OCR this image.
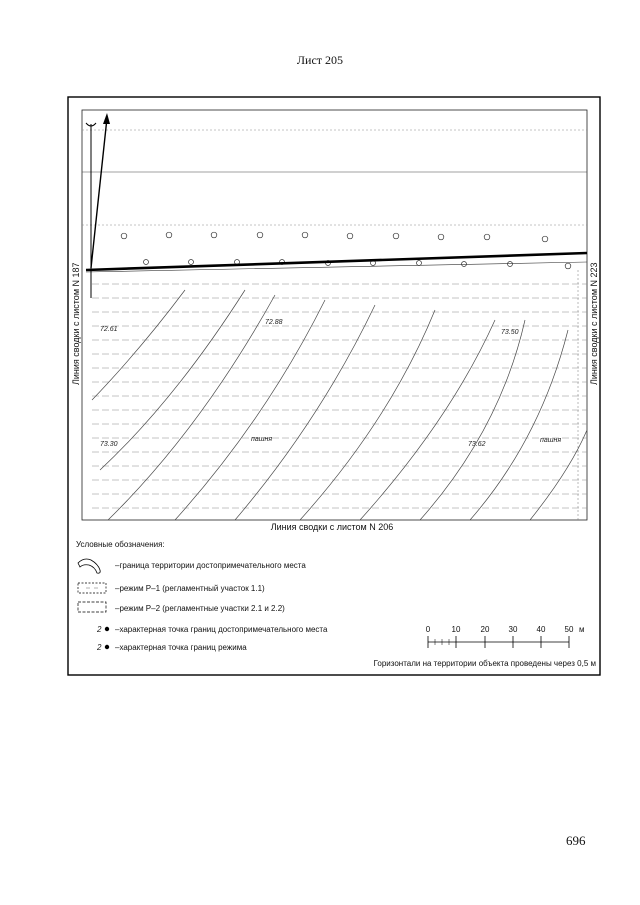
Лист 205
72.61
72.88
73.50
73.30	73.62
пашня	пашня
Линия сводки с листом N 187	Линия сводки с листом N 223
Линия сводки с листом N 206
Условные обозначения:
–граница территории достопримечательного места
–режим Р–1 (регламентный участок 1.1)
–режим Р–2 (регламентные участки 2.1 и 2.2)
2 –характерная точка границ достопримечательного места
2 –характерная точка границ режима
0	10	20 30 40 50 м
Горизонтали на территории объекта проведены через 0,5 м
696
